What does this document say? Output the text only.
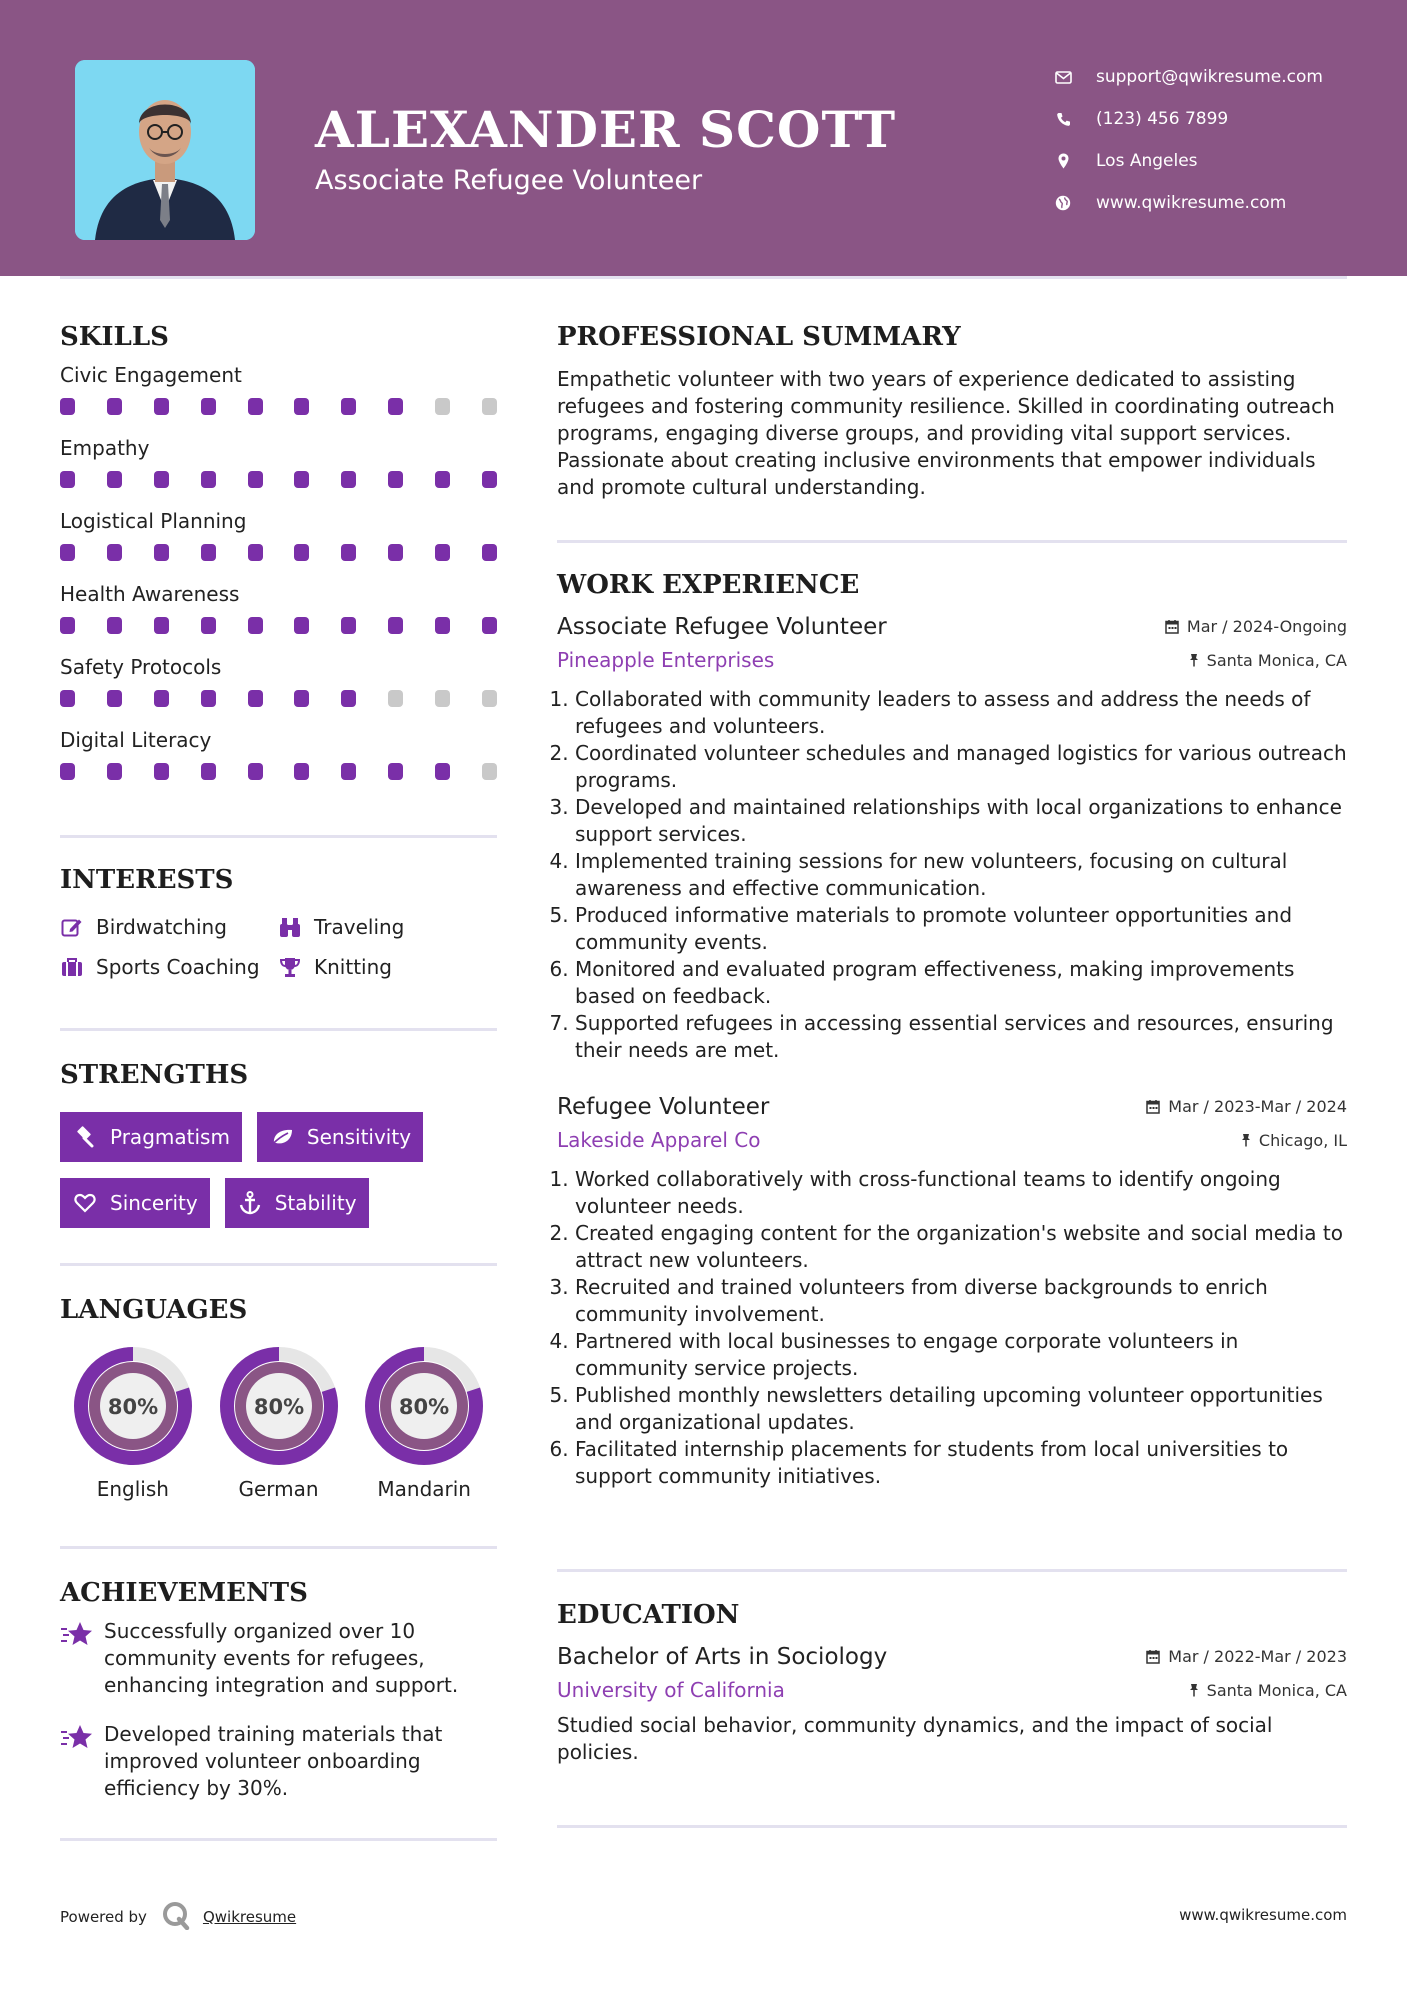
ALEXANDER SCOTT
Associate Refugee Volunteer
support@qwikresume.com
(123) 456 7899
Los Angeles
www.qwikresume.com
SKILLS
Civic Engagement
Empathy
Logistical Planning
Health Awareness
Safety Protocols
Digital Literacy
INTERESTS
Birdwatching	Traveling
Sports Coaching	Knitting
STRENGTHS
Pragmatism	Sensitivity
Sincerity	Stability
LANGUAGES
80%
English
80%
German
80%
Mandarin
ACHIEVEMENTS
Successfully organized over 10 community events for refugees, enhancing integration and support.
Developed training materials that improved volunteer onboarding efficiency by 30%.
PROFESSIONAL SUMMARY
Empathetic volunteer with two years of experience dedicated to assisting refugees and fostering community resilience. Skilled in coordinating outreach programs, engaging diverse groups, and providing vital support services. Passionate about creating inclusive environments that empower individuals and promote cultural understanding.
WORK EXPERIENCE
Associate Refugee Volunteer	Mar / 2024-Ongoing
Pineapple Enterprises	Santa Monica, CA
1. Collaborated with community leaders to assess and address the needs of refugees and volunteers.
2. Coordinated volunteer schedules and managed logistics for various outreach programs.
3. Developed and maintained relationships with local organizations to enhance support services.
4. Implemented training sessions for new volunteers, focusing on cultural awareness and effective communication.
5. Produced informative materials to promote volunteer opportunities and community events.
6. Monitored and evaluated program effectiveness, making improvements based on feedback.
7. Supported refugees in accessing essential services and resources, ensuring their needs are met.
Refugee Volunteer	Mar / 2023-Mar / 2024
Lakeside Apparel Co	Chicago, IL
1. Worked collaboratively with cross-functional teams to identify ongoing volunteer needs.
2. Created engaging content for the organization's website and social media to attract new volunteers.
3. Recruited and trained volunteers from diverse backgrounds to enrich community involvement.
4. Partnered with local businesses to engage corporate volunteers in community service projects.
5. Published monthly newsletters detailing upcoming volunteer opportunities and organizational updates.
6. Facilitated internship placements for students from local universities to support community initiatives.
EDUCATION
Bachelor of Arts in Sociology	Mar / 2022-Mar / 2023
University of California	Santa Monica, CA
Studied social behavior, community dynamics, and the impact of social policies.
Powered by	Qwikresume	www.qwikresume.com
